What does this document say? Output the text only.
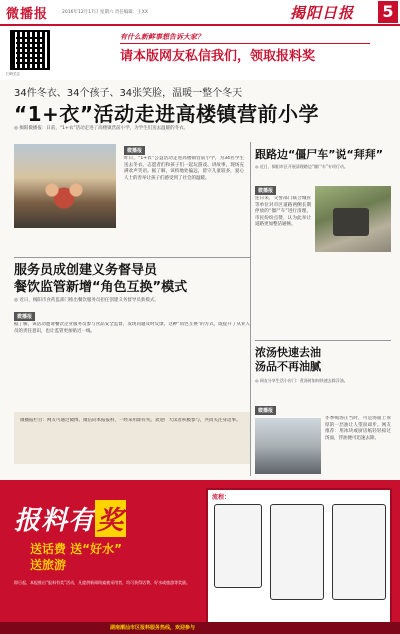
微播报	2016年12月17日 星期六 责任编辑：王XX	揭阳日报 5
扫码关注
有什么新鲜事想告诉大家？
请本版网友私信我们，领取报料奖
34件冬衣、34个孩子、34张笑脸，温暖一整个冬天
“1+衣”活动走进高楼镇营前小学
◎ 揭阳微播报：日前，“1+衣”活动走进了高楼镇营前小学，为学生们送去温暖的冬衣。
微播报
昨日，“1+衣”公益活动走进高楼镇营前小学，为34名学生送去冬衣。志愿者们和孩子们一起玩游戏、讲故事，现场充满欢声笑语。据了解，该校地处偏远，留守儿童较多，爱心人士的善举让孩子们感受到了社会的温暖。
跟路边“僵尸车”说“拜拜”
◎ 近日，揭阳市区开展清理路边“僵尸车”专项行动。
微播报
连日来，交警部门联合城管等单位对市区道路两侧长期停放的“僵尸车”进行清理。市民纷纷点赞，认为此举让道路更加整洁通畅。
浓汤快速去油
汤品不再油腻
◎ 网友分享生活小窍门：煮汤时如何快速去除浮油。
微播报
冬季喝汤正当时，可是汤面上厚厚的一层油让人望而却步。网友推荐：用冰块或厨房纸轻轻掠过汤面，浮油便可迅速去除。
服务员成创建义务督导员
餐饮监管新增“角色互换”模式
◎ 近日，揭阳市食药监部门推出餐饮服务员担任创建义务督导员新模式。
微播报
据了解，该活动邀请餐饮企业服务员参与食品安全监督，发现问题及时反馈。这种“角色互换”的方式，既提升了从业人员的责任意识，也让监管更加贴近一线。
微播报栏目：网友可通过微博、微信向本报报料，一经采用即有奖。欢迎广大读者积极参与，共同关注身边事。
报料有奖
送话费 送“好水”
送旅游
即日起，本报推出“报料有奖”活动，凡提供新闻线索被采用者，均可获得话费、好水或旅游等奖励。
流程：
湖南潮汕市区报料服务热线，欢迎参与
